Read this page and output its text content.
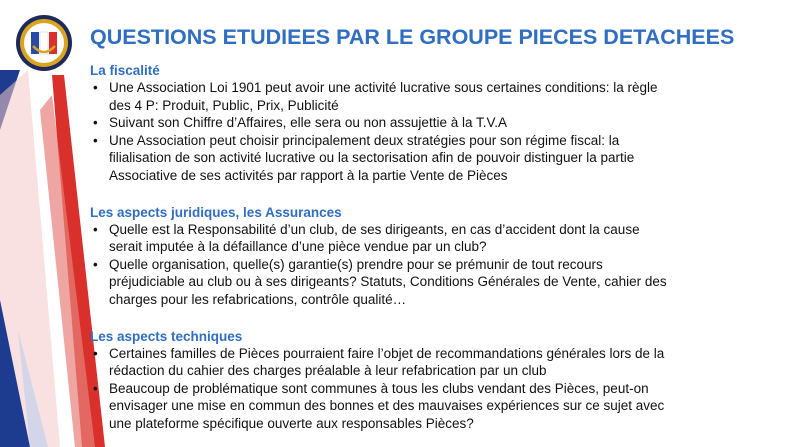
QUESTIONS ETUDIEES PAR LE GROUPE PIECES DETACHEES
La fiscalité
• Une Association Loi 1901 peut avoir une activité lucrative sous certaines conditions: la règle
des 4 P: Produit, Public, Prix, Publicité
• Suivant son Chiffre d’Affaires, elle sera ou non assujettie à la T.V.A
• Une Association peut choisir principalement deux stratégies pour son régime fiscal: la
filialisation de son activité lucrative ou la sectorisation afin de pouvoir distinguer la partie
Associative de ses activités par rapport à la partie Vente de Pièces
Les aspects juridiques, les Assurances
• Quelle est la Responsabilité d’un club, de ses dirigeants, en cas d’accident dont la cause
serait imputée à la défaillance d’une pièce vendue par un club?
• Quelle organisation, quelle(s) garantie(s) prendre pour se prémunir de tout recours
préjudiciable au club ou à ses dirigeants? Statuts, Conditions Générales de Vente, cahier des
charges pour les refabrications, contrôle qualité…
Les aspects techniques
• Certaines familles de Pièces pourraient faire l’objet de recommandations générales lors de la
rédaction du cahier des charges préalable à leur refabrication par un club
• Beaucoup de problématique sont communes à tous les clubs vendant des Pièces, peut-on
envisager une mise en commun des bonnes et des mauvaises expériences sur ce sujet avec
une plateforme spécifique ouverte aux responsables Pièces?
